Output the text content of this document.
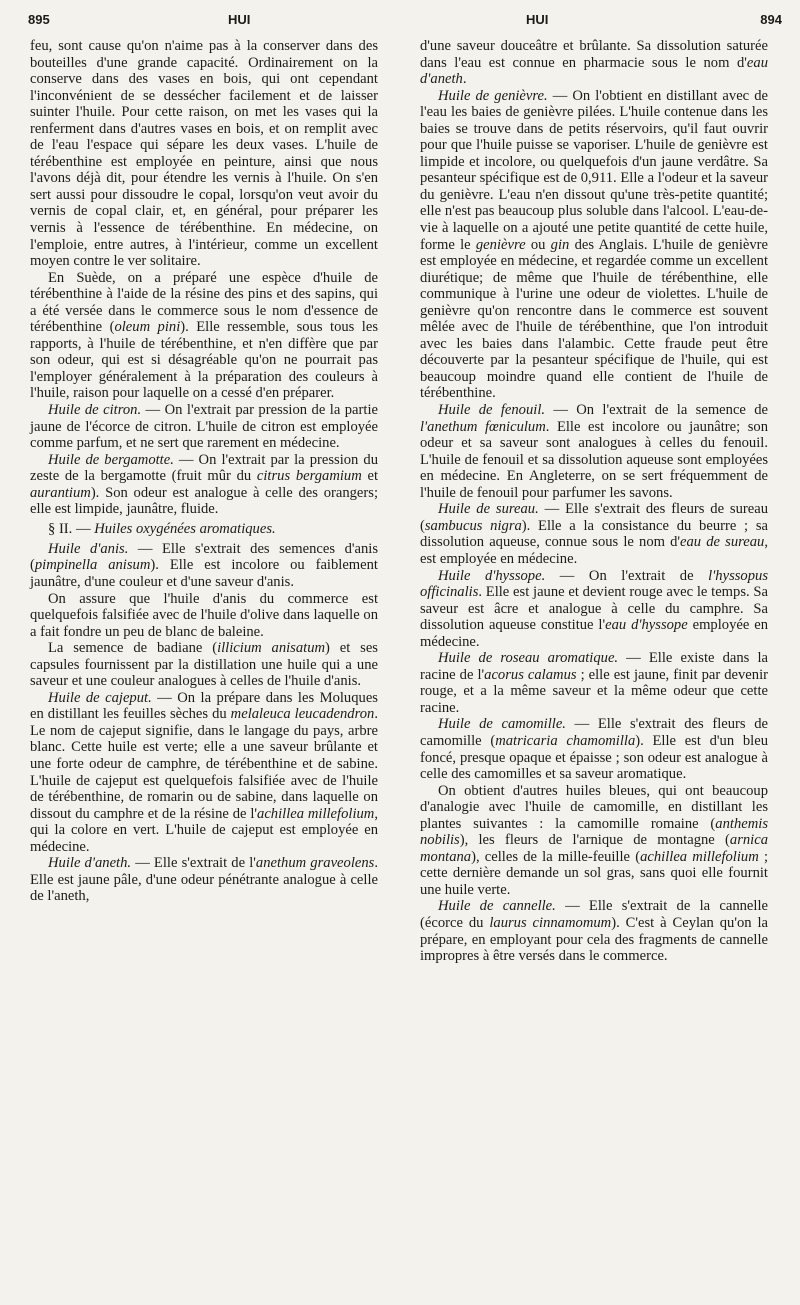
895	HUI	HUI	894

feu, sont cause qu'on n'aime pas à la conserver dans des bouteilles d'une grande capacité. Ordinairement on la conserve dans des vases en bois, qui ont cependant l'inconvénient de se dessécher facilement et de laisser suinter l'huile. Pour cette raison, on met les vases qui la renferment dans d'autres vases en bois, et on remplit avec de l'eau l'espace qui sépare les deux vases. L'huile de térébenthine est employée en peinture, ainsi que nous l'avons déjà dit, pour étendre les vernis à l'huile. On s'en sert aussi pour dissoudre le copal, lorsqu'on veut avoir du vernis de copal clair, et, en général, pour préparer les vernis à l'essence de térébenthine. En médecine, on l'emploie, entre autres, à l'intérieur, comme un excellent moyen contre le ver solitaire.

En Suède, on a préparé une espèce d'huile de térébenthine à l'aide de la résine des pins et des sapins, qui a été versée dans le commerce sous le nom d'essence de térébenthine (oleum pini). Elle ressemble, sous tous les rapports, à l'huile de térébenthine, et n'en diffère que par son odeur, qui est si désagréable qu'on ne pourrait pas l'employer généralement à la préparation des couleurs à l'huile, raison pour laquelle on a cessé d'en préparer.

Huile de citron. — On l'extrait par pression de la partie jaune de l'écorce de citron. L'huile de citron est employée comme parfum, et ne sert que rarement en médecine.

Huile de bergamotte. — On l'extrait par la pression du zeste de la bergamotte (fruit mûr du citrus bergamium et aurantium). Son odeur est analogue à celle des orangers; elle est limpide, jaunâtre, fluide.

§ II. — Huiles oxygénées aromatiques.

Huile d'anis. — Elle s'extrait des semences d'anis (pimpinella anisum). Elle est incolore ou faiblement jaunâtre, d'une couleur et d'une saveur d'anis.

On assure que l'huile d'anis du commerce est quelquefois falsifiée avec de l'huile d'olive dans laquelle on a fait fondre un peu de blanc de baleine.

La semence de badiane (illicium anisatum) et ses capsules fournissent par la distillation une huile qui a une saveur et une couleur analogues à celles de l'huile d'anis.

Huile de cajeput. — On la prépare dans les Moluques en distillant les feuilles sèches du melaleuca leucadendron. Le nom de cajeput signifie, dans le langage du pays, arbre blanc. Cette huile est verte; elle a une saveur brûlante et une forte odeur de camphre, de térébenthine et de sabine. L'huile de cajeput est quelquefois falsifiée avec de l'huile de térébenthine, de romarin ou de sabine, dans laquelle on dissout du camphre et de la résine de l'achillea millefolium, qui la colore en vert. L'huile de cajeput est employée en médecine.

Huile d'aneth. — Elle s'extrait de l'anethum graveolens. Elle est jaune pâle, d'une odeur pénétrante analogue à celle de l'aneth,

d'une saveur douceâtre et brûlante. Sa dissolution saturée dans l'eau est connue en pharmacie sous le nom d'eau d'aneth.

Huile de genièvre. — On l'obtient en distillant avec de l'eau les baies de genièvre pilées. L'huile contenue dans les baies se trouve dans de petits réservoirs, qu'il faut ouvrir pour que l'huile puisse se vaporiser. L'huile de genièvre est limpide et incolore, ou quelquefois d'un jaune verdâtre. Sa pesanteur spécifique est de 0,911. Elle a l'odeur et la saveur du genièvre. L'eau n'en dissout qu'une très-petite quantité; elle n'est pas beaucoup plus soluble dans l'alcool. L'eau-de-vie à laquelle on a ajouté une petite quantité de cette huile, forme le genièvre ou gin des Anglais. L'huile de genièvre est employée en médecine, et regardée comme un excellent diurétique; de même que l'huile de térébenthine, elle communique à l'urine une odeur de violettes. L'huile de genièvre qu'on rencontre dans le commerce est souvent mêlée avec de l'huile de térébenthine, que l'on introduit avec les baies dans l'alambic. Cette fraude peut être découverte par la pesanteur spécifique de l'huile, qui est beaucoup moindre quand elle contient de l'huile de térébenthine.

Huile de fenouil. — On l'extrait de la semence de l'anethum fœniculum. Elle est incolore ou jaunâtre; son odeur et sa saveur sont analogues à celles du fenouil. L'huile de fenouil et sa dissolution aqueuse sont employées en médecine. En Angleterre, on se sert fréquemment de l'huile de fenouil pour parfumer les savons.

Huile de sureau. — Elle s'extrait des fleurs de sureau (sambucus nigra). Elle a la consistance du beurre ; sa dissolution aqueuse, connue sous le nom d'eau de sureau, est employée en médecine.

Huile d'hyssope. — On l'extrait de l'hyssopus officinalis. Elle est jaune et devient rouge avec le temps. Sa saveur est âcre et analogue à celle du camphre. Sa dissolution aqueuse constitue l'eau d'hyssope employée en médecine.

Huile de roseau aromatique. — Elle existe dans la racine de l'acorus calamus ; elle est jaune, finit par devenir rouge, et a la même saveur et la même odeur que cette racine.

Huile de camomille. — Elle s'extrait des fleurs de camomille (matricaria chamomilla). Elle est d'un bleu foncé, presque opaque et épaisse ; son odeur est analogue à celle des camomilles et sa saveur aromatique.

On obtient d'autres huiles bleues, qui ont beaucoup d'analogie avec l'huile de camomille, en distillant les plantes suivantes : la camomille romaine (anthemis nobilis), les fleurs de l'arnique de montagne (arnica montana), celles de la mille-feuille (achillea millefolium ; cette dernière demande un sol gras, sans quoi elle fournit une huile verte.

Huile de cannelle. — Elle s'extrait de la cannelle (écorce du laurus cinnamomum). C'est à Ceylan qu'on la prépare, en employant pour cela des fragments de cannelle impropres à être versés dans le commerce.
